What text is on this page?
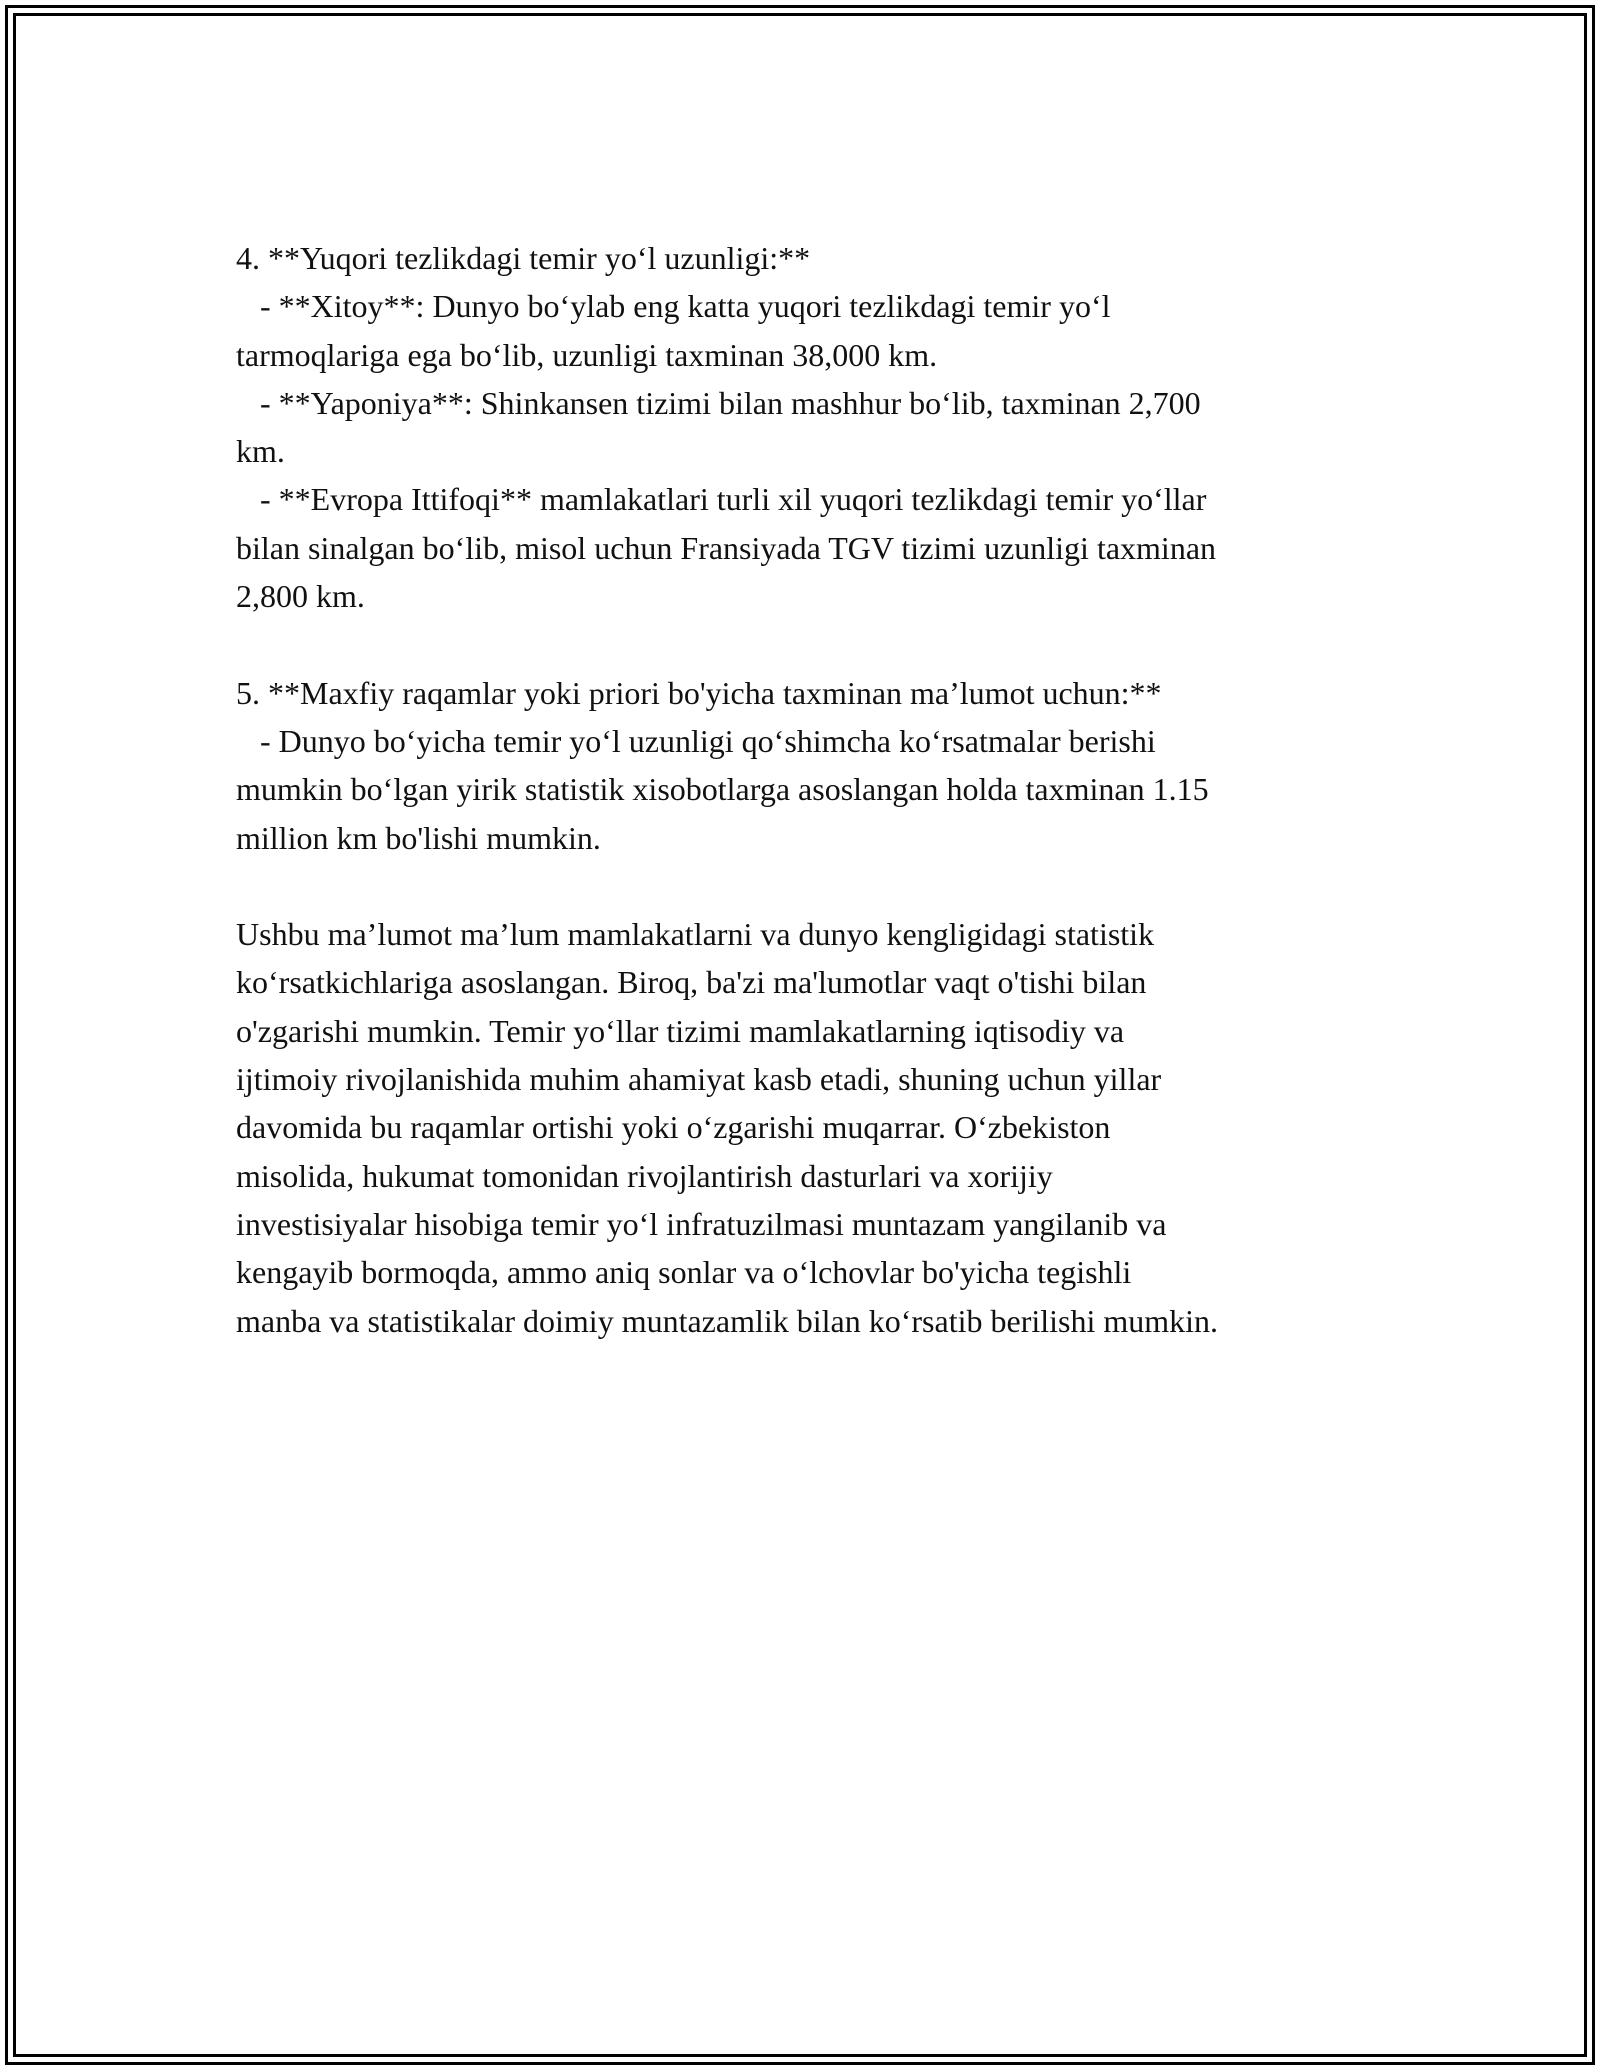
4. **Yuqori tezlikdagi temir yo‘l uzunligi:**
- **Xitoy**: Dunyo bo‘ylab eng katta yuqori tezlikdagi temir yo‘l
tarmoqlariga ega bo‘lib, uzunligi taxminan 38,000 km.
- **Yaponiya**: Shinkansen tizimi bilan mashhur bo‘lib, taxminan 2,700
km.
- **Evropa Ittifoqi** mamlakatlari turli xil yuqori tezlikdagi temir yo‘llar
bilan sinalgan bo‘lib, misol uchun Fransiyada TGV tizimi uzunligi taxminan
2,800 km.
5. **Maxfiy raqamlar yoki priori bo'yicha taxminan ma’lumot uchun:**
- Dunyo bo‘yicha temir yo‘l uzunligi qo‘shimcha ko‘rsatmalar berishi
mumkin bo‘lgan yirik statistik xisobotlarga asoslangan holda taxminan 1.15
million km bo'lishi mumkin.
Ushbu ma’lumot ma’lum mamlakatlarni va dunyo kengligidagi statistik
ko‘rsatkichlariga asoslangan. Biroq, ba'zi ma'lumotlar vaqt o'tishi bilan
o'zgarishi mumkin. Temir yo‘llar tizimi mamlakatlarning iqtisodiy va
ijtimoiy rivojlanishida muhim ahamiyat kasb etadi, shuning uchun yillar
davomida bu raqamlar ortishi yoki o‘zgarishi muqarrar. O‘zbekiston
misolida, hukumat tomonidan rivojlantirish dasturlari va xorijiy
investisiyalar hisobiga temir yo‘l infratuzilmasi muntazam yangilanib va
kengayib bormoqda, ammo aniq sonlar va o‘lchovlar bo'yicha tegishli
manba va statistikalar doimiy muntazamlik bilan ko‘rsatib berilishi mumkin.
